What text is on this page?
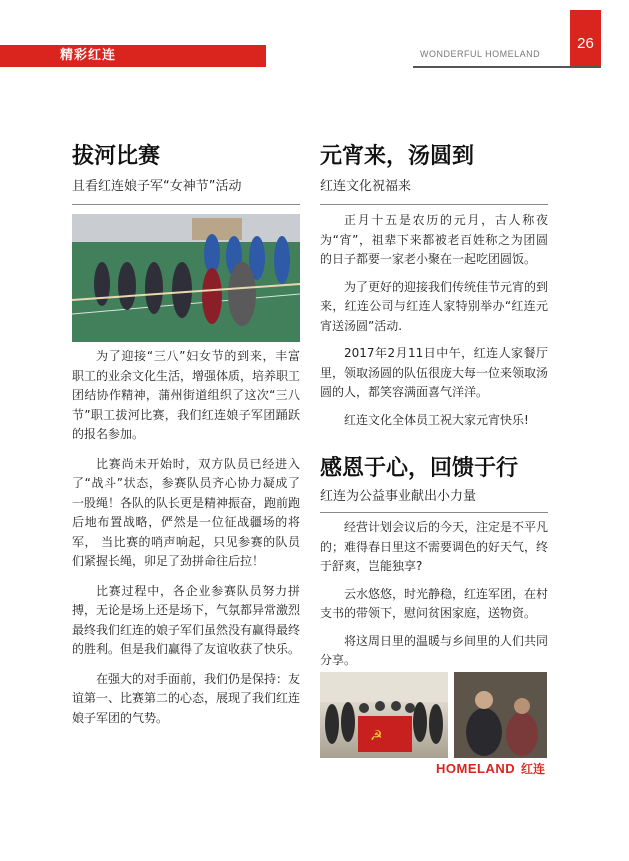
26
精彩红连	WONDERFUL HOMELAND
拔河比赛
且看红连娘子军“女神节”活动

为了迎接“三八”妇女节的到来，丰富职工的业余文化生活，增强体质，培养职工团结协作精神，蒲州街道组织了这次“三八节”职工拔河比赛，我们红连娘子军团踊跃的报名参加。

比赛尚未开始时，双方队员已经进入了“战斗”状态，参赛队员齐心协力凝成了一股绳！各队的队长更是精神振奋，跑前跑后地布置战略，俨然是一位征战疆场的将军， 当比赛的哨声响起，只见参赛的队员们紧握长绳，卯足了劲拼命往后拉！

比赛过程中，各企业参赛队员努力拼搏，无论是场上还是场下，气氛都异常激烈最终我们红连的娘子军们虽然没有赢得最终的胜利。但是我们赢得了友谊收获了快乐。

在强大的对手面前，我们仍是保持：友谊第一、比赛第二的心态，展现了我们红连娘子军团的气势。

元宵来，汤圆到
红连文化祝福来

正月十五是农历的元月，古人称夜为“宵”，祖辈下来都被老百姓称之为团圆的日子都要一家老小聚在一起吃团圆饭。

为了更好的迎接我们传统佳节元宵的到来，红连公司与红连人家特别举办“红连元宵送汤圆”活动.

2017年2月11日中午，红连人家餐厅里，领取汤圆的队伍很庞大每一位来领取汤圆的人，都笑容满面喜气洋洋。

红连文化全体员工祝大家元宵快乐!

感恩于心，回馈于行
红连为公益事业献出小力量

经营计划会议后的今天，注定是不平凡的；难得春日里这不需要调色的好天气，终于舒爽，岂能独享?

云水悠悠，时光静稳，红连军团，在村支书的带领下，慰问贫困家庭，送物资。

将这周日里的温暖与乡间里的人们共同分享。

☭
HOMELAND 红连
